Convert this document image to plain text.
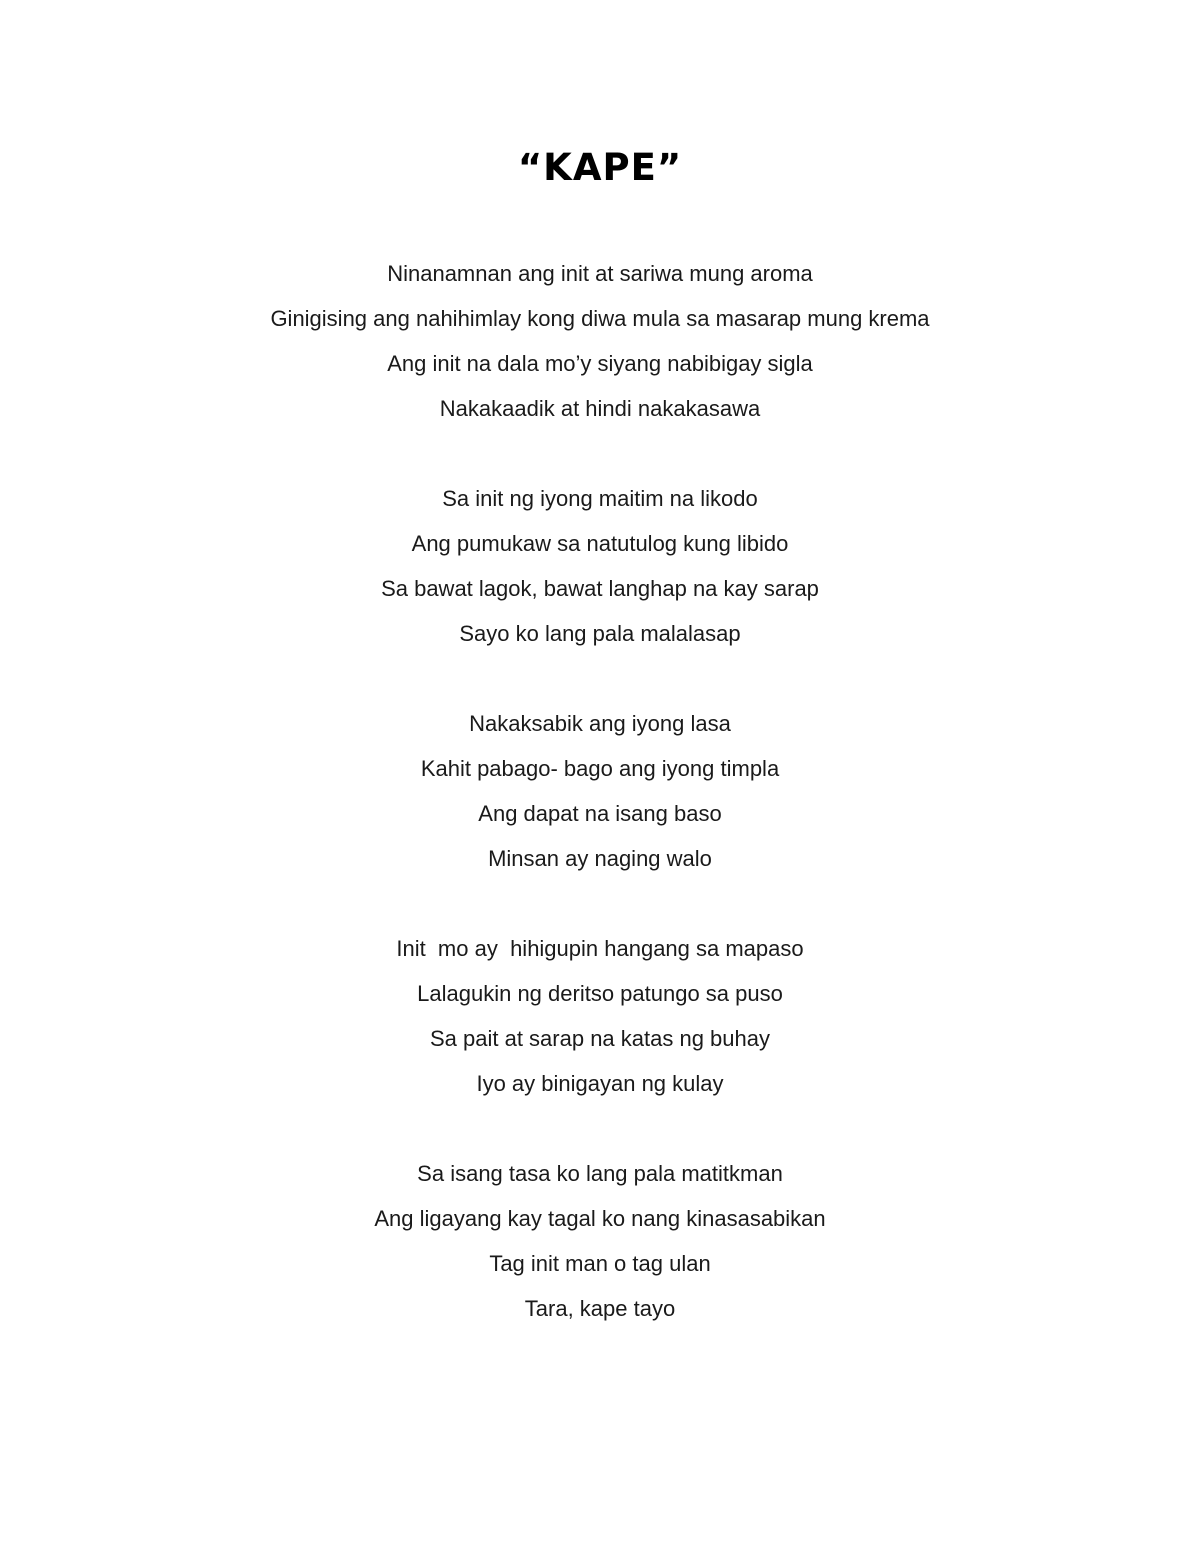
“KAPE”
Ninanamnan ang init at sariwa mung aroma
Ginigising ang nahihimlay kong diwa mula sa masarap mung krema
Ang init na dala mo’y siyang nabibigay sigla
Nakakaadik at hindi nakakasawa
Sa init ng iyong maitim na likodo
Ang pumukaw sa natutulog kung libido
Sa bawat lagok, bawat langhap na kay sarap
Sayo ko lang pala malalasap
Nakaksabik ang iyong lasa
Kahit pabago- bago ang iyong timpla
Ang dapat na isang baso
Minsan ay naging walo
Init  mo ay  hihigupin hangang sa mapaso
Lalagukin ng deritso patungo sa puso
Sa pait at sarap na katas ng buhay
Iyo ay binigayan ng kulay
Sa isang tasa ko lang pala matitkman
Ang ligayang kay tagal ko nang kinasasabikan
Tag init man o tag ulan
Tara, kape tayo
